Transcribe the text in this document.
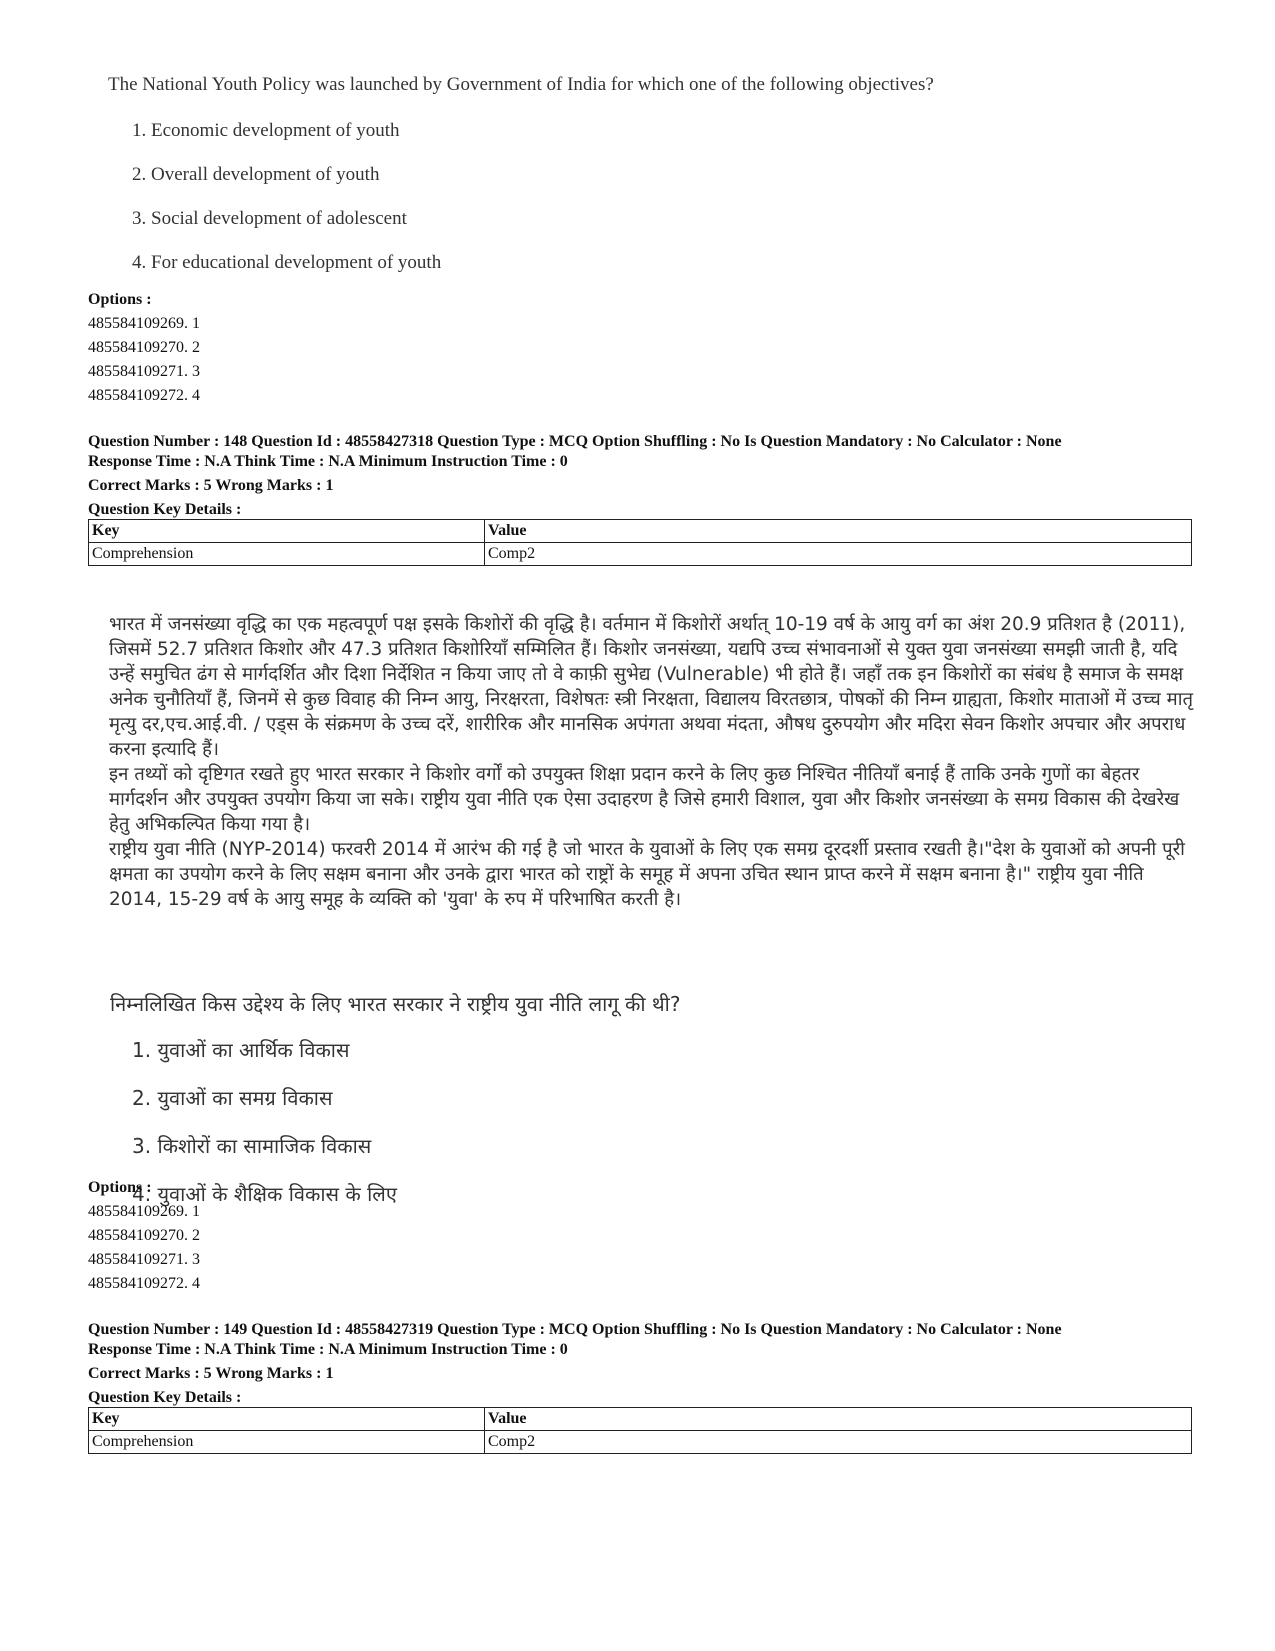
The National Youth Policy was launched by Government of India for which one of the following objectives?
1. Economic development of youth
2. Overall development of youth
3. Social development of adolescent
4. For educational development of youth
Options :
485584109269. 1
485584109270. 2
485584109271. 3
485584109272. 4
Question Number : 148 Question Id : 48558427318 Question Type : MCQ Option Shuffling : No Is Question Mandatory : No Calculator : None
Response Time : N.A Think Time : N.A Minimum Instruction Time : 0
Correct Marks : 5 Wrong Marks : 1
Question Key Details :
Key	Value
Comprehension	Comp2

भारत में जनसंख्या वृद्धि का एक महत्वपूर्ण पक्ष इसके किशोरों की वृद्धि है। वर्तमान में किशोरों अर्थात् 10-19 वर्ष के आयु वर्ग का अंश 20.9 प्रतिशत है (2011), जिसमें 52.7 प्रतिशत किशोर और 47.3 प्रतिशत किशोरियाँ सम्मिलित हैं। किशोर जनसंख्या, यद्यपि उच्च संभावनाओं से युक्त युवा जनसंख्या समझी जाती है, यदि उन्हें समुचित ढंग से मार्गदर्शित और दिशा निर्देशित न किया जाए तो वे काफ़ी सुभेद्य (Vulnerable) भी होते हैं। जहाँ तक इन किशोरों का संबंध है समाज के समक्ष अनेक चुनौतियाँ हैं, जिनमें से कुछ विवाह की निम्न आयु, निरक्षरता, विशेषतः स्त्री निरक्षता, विद्यालय विरतछात्र, पोषकों की निम्न ग्राह्यता, किशोर माताओं में उच्च मातृ मृत्यु दर,एच.आई.वी. / एड्स के संक्रमण के उच्च दरें, शारीरिक और मानसिक अपंगता अथवा मंदता, औषध दुरुपयोग और मदिरा सेवन किशोर अपचार और अपराध करना इत्यादि हैं।

इन तथ्यों को दृष्टिगत रखते हुए भारत सरकार ने किशोर वर्गों को उपयुक्त शिक्षा प्रदान करने के लिए कुछ निश्चित नीतियाँ बनाई हैं ताकि उनके गुणों का बेहतर मार्गदर्शन और उपयुक्त उपयोग किया जा सके। राष्ट्रीय युवा नीति एक ऐसा उदाहरण है जिसे हमारी विशाल, युवा और किशोर जनसंख्या के समग्र विकास की देखरेख हेतु अभिकल्पित किया गया है।

राष्ट्रीय युवा नीति (NYP-2014) फरवरी 2014 में आरंभ की गई है जो भारत के युवाओं के लिए एक समग्र दूरदर्शी प्रस्ताव रखती है।"देश के युवाओं को अपनी पूरी क्षमता का उपयोग करने के लिए सक्षम बनाना और उनके द्वारा भारत को राष्ट्रों के समूह में अपना उचित स्थान प्राप्त करने में सक्षम बनाना है।" राष्ट्रीय युवा नीति 2014, 15-29 वर्ष के आयु समूह के व्यक्ति को 'युवा' के रुप में परिभाषित करती है।

निम्नलिखित किस उद्देश्य के लिए भारत सरकार ने राष्ट्रीय युवा नीति लागू की थी?
1. युवाओं का आर्थिक विकास
2. युवाओं का समग्र विकास
3. किशोरों का सामाजिक विकास
4. युवाओं के शैक्षिक विकास के लिए
Options :
485584109269. 1
485584109270. 2
485584109271. 3
485584109272. 4
Question Number : 149 Question Id : 48558427319 Question Type : MCQ Option Shuffling : No Is Question Mandatory : No Calculator : None
Response Time : N.A Think Time : N.A Minimum Instruction Time : 0
Correct Marks : 5 Wrong Marks : 1
Question Key Details :
Key	Value
Comprehension	Comp2
